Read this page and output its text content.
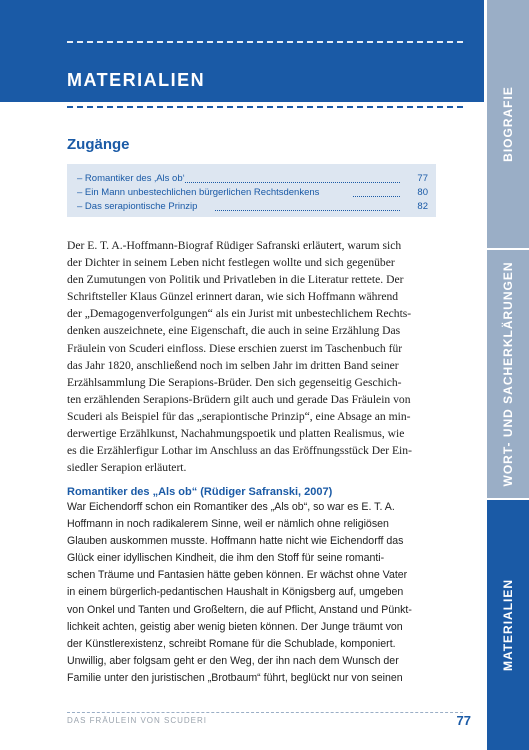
MATERIALIEN
BIOGRAFIE
WORT- UND SACHERKLÄRUNGEN
MATERIALIEN
Zugänge
– Romantiker des ‚Als ob‘	77
– Ein Mann unbestechlichen bürgerlichen Rechtsdenkens	80
– Das serapiontische Prinzip	82
Der E. T. A.-Hoffmann-Biograf Rüdiger Safranski erläutert, warum sich
der Dichter in seinem Leben nicht festlegen wollte und sich gegenüber
den Zumutungen von Politik und Privatleben in die Literatur rettete. Der
Schriftsteller Klaus Günzel erinnert daran, wie sich Hoffmann während
der „Demagogenverfolgungen“ als ein Jurist mit unbestechlichem Rechts-
denken auszeichnete, eine Eigenschaft, die auch in seine Erzählung Das
Fräulein von Scuderi einfloss. Diese erschien zuerst im Taschenbuch für
das Jahr 1820, anschließend noch im selben Jahr im dritten Band seiner
Erzählsammlung Die Serapions-Brüder. Den sich gegenseitig Geschich-
ten erzählenden Serapions-Brüdern gilt auch und gerade Das Fräulein von
Scuderi als Beispiel für das „serapiontische Prinzip“, eine Absage an min-
derwertige Erzählkunst, Nachahmungspoetik und platten Realismus, wie
es die Erzählerfigur Lothar im Anschluss an das Eröffnungsstück Der Ein-
siedler Serapion erläutert.
Romantiker des „Als ob“ (Rüdiger Safranski, 2007)
War Eichendorff schon ein Romantiker des „Als ob“, so war es E. T. A.
Hoffmann in noch radikalerem Sinne, weil er nämlich ohne religiösen
Glauben auskommen musste. Hoffmann hatte nicht wie Eichendorff das
Glück einer idyllischen Kindheit, die ihm den Stoff für seine romanti-
schen Träume und Fantasien hätte geben können. Er wächst ohne Vater
in einem bürgerlich-pedantischen Haushalt in Königsberg auf, umgeben
von Onkel und Tanten und Großeltern, die auf Pflicht, Anstand und Pünkt-
lichkeit achten, geistig aber wenig bieten können. Der Junge träumt von
der Künstlerexistenz, schreibt Romane für die Schublade, komponiert.
Unwillig, aber folgsam geht er den Weg, der ihn nach dem Wunsch der
Familie unter den juristischen „Brotbaum“ führt, beglückt nur von seinen
DAS FRÄULEIN VON SCUDERI	77
